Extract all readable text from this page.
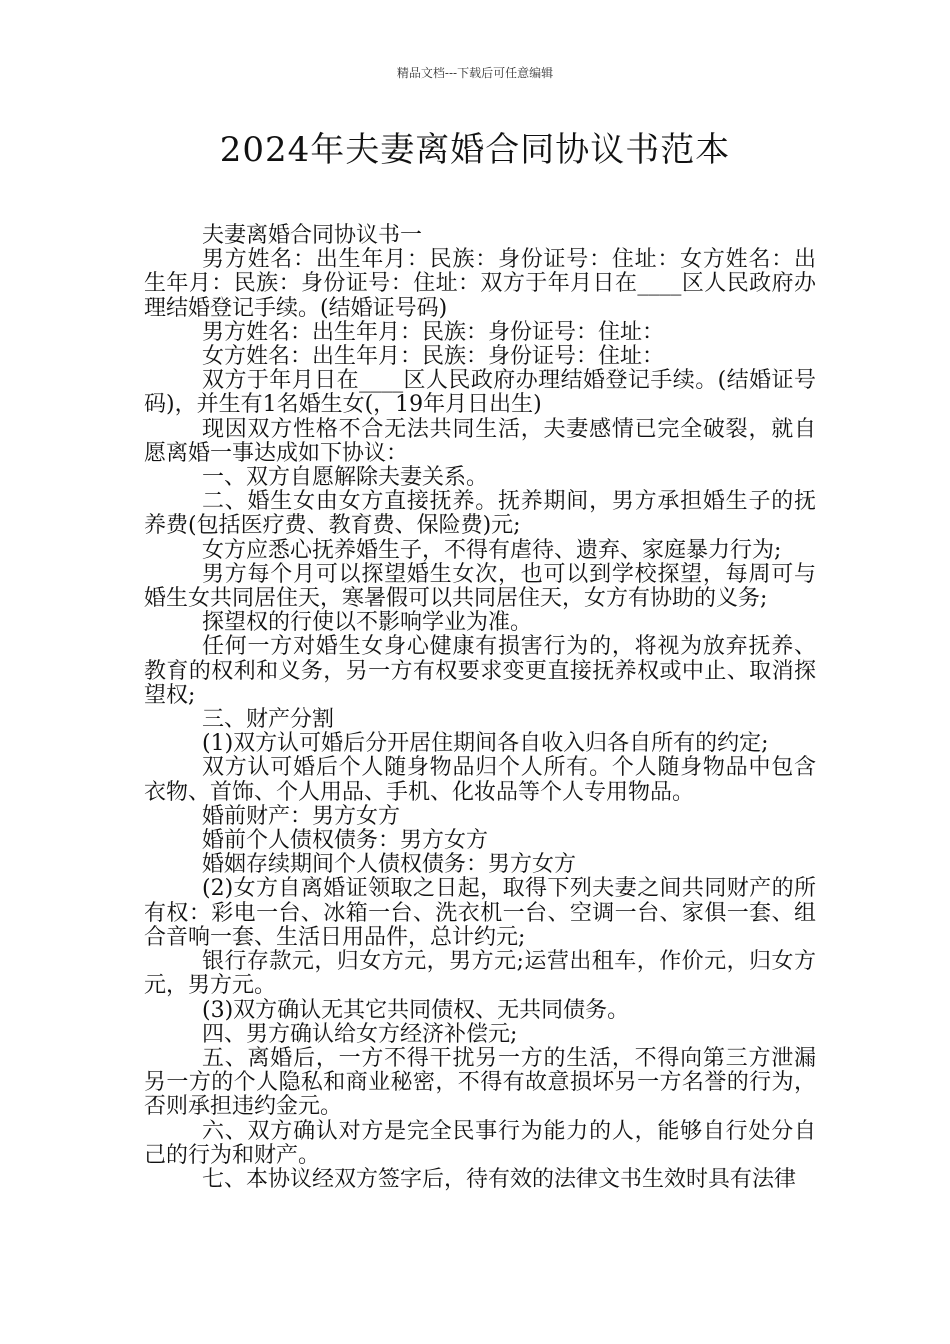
精品文档---下载后可任意编辑
2024年夫妻离婚合同协议书范本

夫妻离婚合同协议书一

男方姓名：出生年月：民族：身份证号：住址：女方姓名：出生年月：民族：身份证号：住址：双方于年月日在____区人民政府办理结婚登记手续。(结婚证号码)

男方姓名：出生年月：民族：身份证号：住址：

女方姓名：出生年月：民族：身份证号：住址：

双方于年月日在____区人民政府办理结婚登记手续。(结婚证号码)，并生有1名婚生女(，19年月日出生)

现因双方性格不合无法共同生活，夫妻感情已完全破裂，就自愿离婚一事达成如下协议：

一、双方自愿解除夫妻关系。

二、婚生女由女方直接抚养。抚养期间，男方承担婚生子的抚养费(包括医疗费、教育费、保险费)元;

女方应悉心抚养婚生子，不得有虐待、遗弃、家庭暴力行为;

男方每个月可以探望婚生女次，也可以到学校探望，每周可与婚生女共同居住天，寒暑假可以共同居住天，女方有协助的义务;

探望权的行使以不影响学业为准。

任何一方对婚生女身心健康有损害行为的，将视为放弃抚养、教育的权利和义务，另一方有权要求变更直接抚养权或中止、取消探望权;

三、财产分割

(1)双方认可婚后分开居住期间各自收入归各自所有的约定;

双方认可婚后个人随身物品归个人所有。个人随身物品中包含衣物、首饰、个人用品、手机、化妆品等个人专用物品。

婚前财产：男方女方

婚前个人债权债务：男方女方

婚姻存续期间个人债权债务：男方女方

(2)女方自离婚证领取之日起，取得下列夫妻之间共同财产的所有权：彩电一台、冰箱一台、洗衣机一台、空调一台、家俱一套、组合音响一套、生活日用品件，总计约元;

银行存款元，归女方元，男方元;运营出租车，作价元，归女方元，男方元。

(3)双方确认无其它共同债权、无共同债务。

四、男方确认给女方经济补偿元;

五、离婚后，一方不得干扰另一方的生活，不得向第三方泄漏另一方的个人隐私和商业秘密，不得有故意损坏另一方名誉的行为，否则承担违约金元。

六、双方确认对方是完全民事行为能力的人，能够自行处分自己的行为和财产。

七、本协议经双方签字后，待有效的法律文书生效时具有法律
